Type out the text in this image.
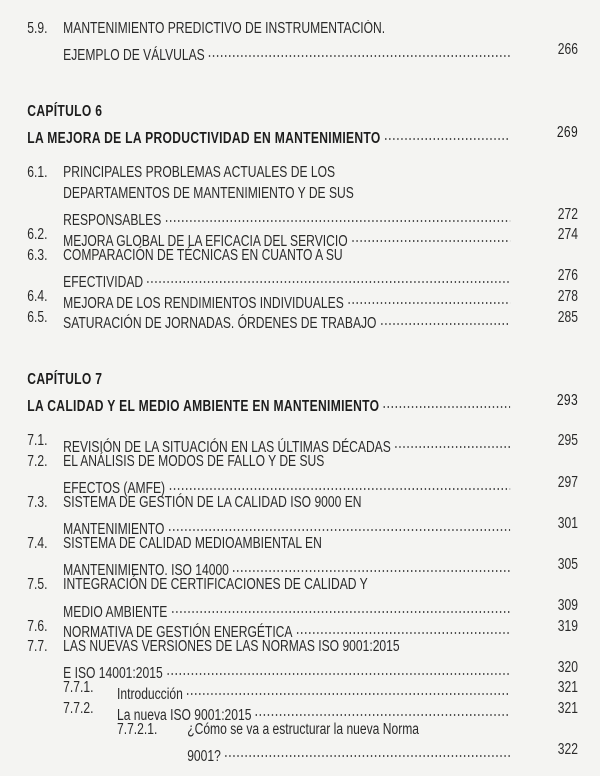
5.9. MANTENIMIENTO PREDICTIVO DE INSTRUMENTACIÓN.
EJEMPLO DE VÁLVULAS	266
CAPÍTULO 6
LA MEJORA DE LA PRODUCTIVIDAD EN MANTENIMIENTO	269
6.1. PRINCIPALES PROBLEMAS ACTUALES DE LOS
DEPARTAMENTOS DE MANTENIMIENTO Y DE SUS
RESPONSABLES	272
6.2. MEJORA GLOBAL DE LA EFICACIA DEL SERVICIO	274
6.3. COMPARACIÓN DE TÉCNICAS EN CUANTO A SU
EFECTIVIDAD	276
6.4. MEJORA DE LOS RENDIMIENTOS INDIVIDUALES	278
6.5. SATURACIÓN DE JORNADAS. ÓRDENES DE TRABAJO	285
CAPÍTULO 7
LA CALIDAD Y EL MEDIO AMBIENTE EN MANTENIMIENTO	293
7.1. REVISIÓN DE LA SITUACIÓN EN LAS ÚLTIMAS DÉCADAS	295
7.2. EL ANÁLISIS DE MODOS DE FALLO Y DE SUS
EFECTOS (AMFE)	297
7.3. SISTEMA DE GESTIÓN DE LA CALIDAD ISO 9000 EN
MANTENIMIENTO	301
7.4. SISTEMA DE CALIDAD MEDIOAMBIENTAL EN
MANTENIMIENTO. ISO 14000	305
7.5. INTEGRACIÓN DE CERTIFICACIONES DE CALIDAD Y
MEDIO AMBIENTE	309
7.6. NORMATIVA DE GESTIÓN ENERGÉTICA	319
7.7. LAS NUEVAS VERSIONES DE LAS NORMAS ISO 9001:2015
E ISO 14001:2015	320
7.7.1. Introducción	321
7.7.2. La nueva ISO 9001:2015	321
7.7.2.1. ¿Cómo se va a estructurar la nueva Norma
9001?	322
